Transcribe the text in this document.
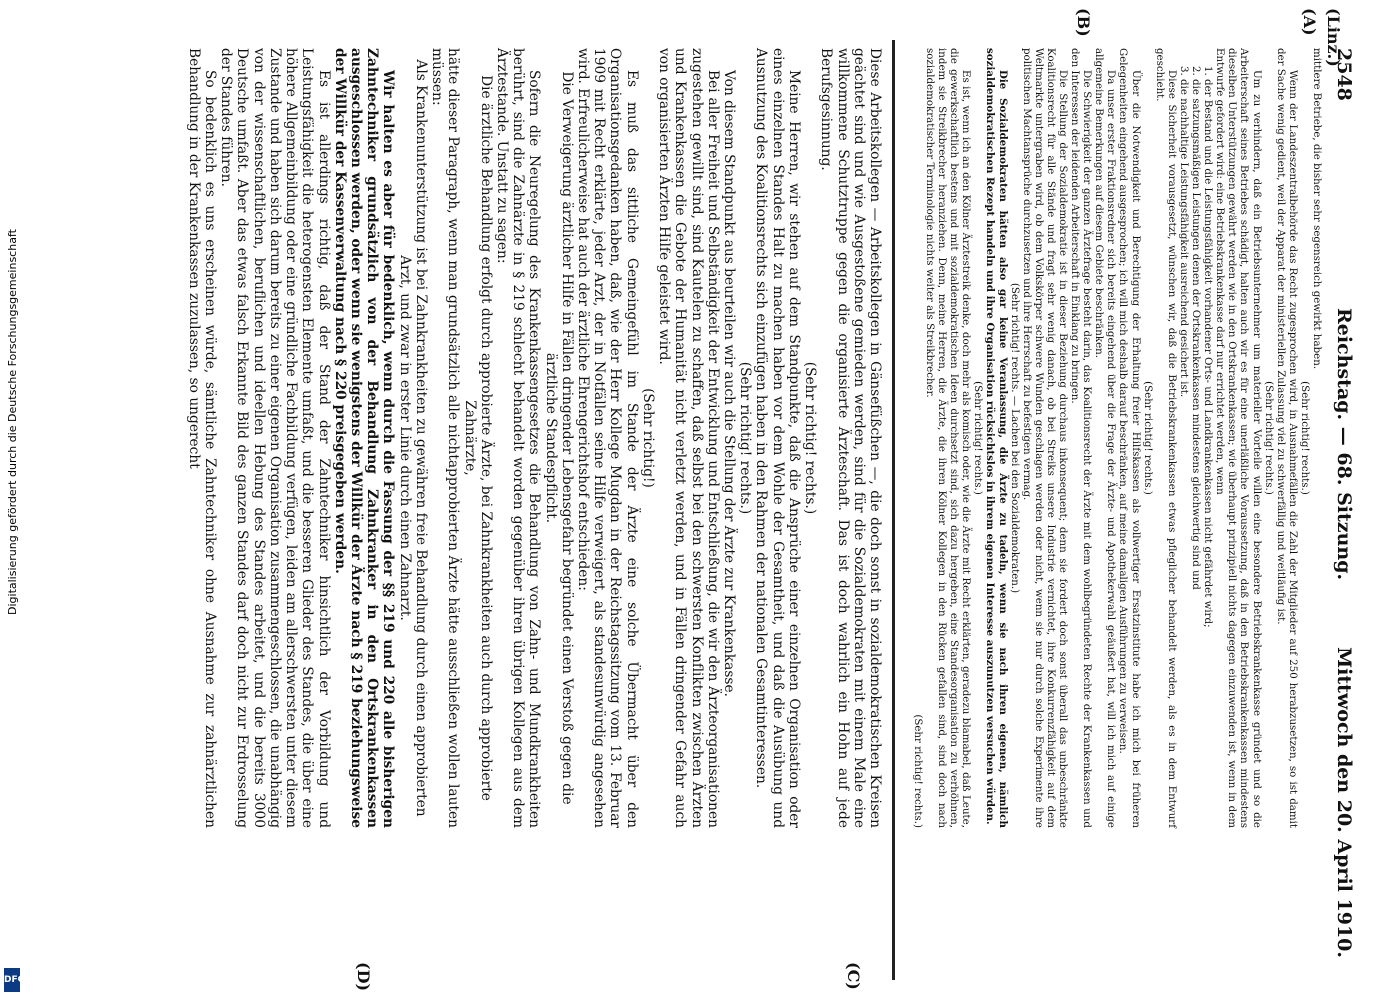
2548
Reichstag. — 68. Sitzung.
Mittwoch den 20. April 1910.
(Linz.)
(A)
(B)
(C)
(D)

mittlere Betriebe, die bisher sehr segensreich gewirkt haben.

(Sehr richtig! rechts.)

Wenn der Landeszentralbehörde das Recht zugesprochen wird, in Ausnahmefällen die Zahl der Mitglieder auf 250 herabzusetzen, so ist damit der Sache wenig gedient, weil der Apparat der ministeriellen Zulassung viel zu schwerfällig und weitläufig ist.

(Sehr richtig! rechts.)

Um zu verhindern, daß ein Betriebsunternehmer um materieller Vorteile willen eine besondere Betriebskrankenkasse gründet und so die Arbeiterschaft seines Betriebes schädigt, halten auch wir es für eine unerläßliche Voraussetzung, daß in den Betriebskrankenkassen mindestens dieselben Unterstützungen gewährt werden wie in den Ortskrankenkassen; wie überhaupt prinzipiell nichts dagegen einzuwenden ist, wenn in dem Entwurfe gefordert wird: eine Betriebskrankenkasse darf nur errichtet werden, wenn

1. der Bestand und die Leistungsfähigkeit vorhandener Orts- und Landkrankenkassen nicht gefährdet wird;

2. die satzungsmäßigen Leistungen denen der Ortskrankenkassen mindestens gleichwertig sind und

3. die nachhaltige Leistungsfähigkeit ausreichend gesichert ist.

Diese Sicherheit vorausgesetzt, wünschen wir, daß die Betriebskrankenkassen etwas pfleglicher behandelt werden, als es in dem Entwurf geschieht.

(Sehr richtig! rechts.)

Über die Notwendigkeit und Berechtigung der Erhaltung freier Hilfskassen als vollwertiger Ersatzinstitute habe ich mich bei früheren Gelegenheiten eingehend ausgesprochen; ich will mich deshalb darauf beschränken, auf meine damaligen Ausführungen zu verweisen.

Da unser erster Fraktionsredner sich bereits eingehend über die Frage der Ärzte- und Apothekerwahl geäußert hat, will ich mich auf einige allgemeine Bemerkungen auf diesem Gebiete beschränken.

Die Schwierigkeit der ganzen Ärztefrage besteht darin, das Koalitionsrecht der Ärzte mit dem wohlbegründeten Rechte der Krankenkassen und den Interessen der leidenden Arbeiterschaft in Einklang zu bringen.

Die Stellung der Sozialdemokratie ist in dieser Beziehung durchaus inkonsequent; denn sie fordert doch sonst überall das unbeschränkte Koalitionsrecht für alle Stände und fragt sehr wenig danach, ob bei Streiks unsere Industrie vernichtet, ihre Konkurrenzfähigkeit auf dem Weltmarkte untergraben wird, ob dem Volkskörper schwere Wunden geschlagen werden oder nicht, wenn sie nur durch solche Experimente ihre politischen Machtansprüche durchzusetzen und ihre Herrschaft zu befestigen vermag.

(Sehr richtig! rechts. — Lachen bei den Sozialdemokraten.)

Die Sozialdemokraten hätten also gar keine Veranlassung, die Ärzte zu tadeln, wenn sie nach ihren eigenen, nämlich sozialdemokratischen Rezept handeln und ihre Organisation rücksichtslos in ihrem eigenen Interesse auszunutzen versuchen würden.

(Sehr richtig! rechts.)

Es ist, wenn ich an den Kölner Ärztestreik denke, doch mehr als komisch oder, wie die Ärzte mit Recht erklärten, geradezu blamabel, daß Leute, die gewerkschaftlich bestens und mit sozialdemokratischen Ideen durchsetzt sind, sich dazu hergeben, eine Standesorganisation zu verhöhnen, indem sie Streikbrecher heranziehen. Denn, meine Herren, die Ärzte, die ihren Kölner Kollegen in den Rücken gefallen sind, sind doch nach sozialdemokratischer Terminologie nichts weiter als Streikbrecher.

(Sehr richtig! rechts.)

Diese Arbeitskollegen — Arbeitskollegen in Gänsefüßchen —, die doch sonst in sozialdemokratischen Kreisen geächtet sind und wie Ausgestoßene gemieden werden, sind für die Sozialdemokraten mit einem Male eine willkommene Schutztruppe gegen die organisierte Ärzteschaft. Das ist doch wahrlich ein Hohn auf jede Berufsgesinnung.

(Sehr richtig! rechts.)

Meine Herren, wir stehen auf dem Standpunkte, daß die Ansprüche einer einzelnen Organisation oder eines einzelnen Standes Halt zu machen haben vor dem Wohle der Gesamtheit, und daß die Ausübung und Ausnutzung des Koalitionsrechts sich einzufügen haben in den Rahmen der nationalen Gesamtinteressen.

(Sehr richtig! rechts.)

Von diesem Standpunkt aus beurteilen wir auch die Stellung der Ärzte zur Krankenkasse.

Bei aller Freiheit und Selbständigkeit der Entwicklung und Entschließung, die wir den Ärzteorganisationen zugestehen gewillt sind, sind Kautelen zu schaffen, daß selbst bei den schwersten Konflikten zwischen Ärzten und Krankenkassen die Gebote der Humanität nicht verletzt werden, und in Fällen dringender Gefahr auch von organisierten Ärzten Hilfe geleistet wird.

(Sehr richtig!)

Es muß das sittliche Gemeingefühl im Stande der Ärzte eine solche Übermacht über den Organisationsgedanken haben, daß, wie der Herr Kollege Mugdan in der Reichstagssitzung vom 13. Februar 1909 mit Recht erklärte, jeder Arzt, der in Notfällen seine Hilfe verweigert, als standesunwürdig angesehen wird. Erfreulicherweise hat auch der ärztliche Ehrengerichtshof entschieden:

Die Verweigerung ärztlicher Hilfe in Fällen dringender Lebensgefahr begründet einen Verstoß gegen die ärztliche Standespflicht.

Sofern die Neuregelung des Krankenkassengesetzes die Behandlung von Zahn- und Mundkrankheiten berührt, sind die Zahnärzte in § 219 schlecht behandelt worden gegenüber ihren übrigen Kollegen aus dem Ärztestande. Unstatt zu sagen:

Die ärztliche Behandlung erfolgt durch approbierte Ärzte, bei Zahnkrankheiten auch durch approbierte Zahnärzte,

hätte dieser Paragraph, wenn man grundsätzlich alle nichtapprobierten Ärzte hätte ausschließen wollen lauten müssen:

Als Krankenunterstützung ist bei Zahnkrankheiten zu gewähren freie Behandlung durch einen approbierten Arzt, und zwar in erster Linie durch einen Zahnarzt.

Wir halten es aber für bedenklich, wenn durch die Fassung der §§ 219 und 220 alle bisherigen Zahntechniker grundsätzlich von der Behandlung Zahnkranker in den Ortskrankenkassen ausgeschlossen werden, oder wenn sie wenigstens der Willkür der Ärzte nach § 219 beziehungsweise der Willkür der Kassenverwaltung nach § 220 preisgegeben werden.

Es ist allerdings richtig, daß der Stand der Zahntechniker hinsichtlich der Vorbildung und Leistungsfähigkeit die heterogensten Elemente umfaßt, und die besseren Glieder des Standes, die über eine höhere Allgemeinbildung oder eine gründliche Fachbildung verfügen, leiden am allerschwersten unter diesem Zustande und haben sich darum bereits zu einer eigenen Organisation zusammengeschlossen, die unabhängig von der wissenschaftlichen, beruflichen und ideellen Hebung des Standes arbeitet, und die bereits 3000 Deutsche umfaßt. Aber das etwas falsch Erkannte Bild des ganzen Standes darf doch nicht zur Erdrosselung der Standes führen.

So bedenklich es uns erscheinen würde, sämtliche Zahntechniker ohne Ausnahme zur zahnärztlichen Behandlung in der Krankenkassen zuzulassen, so ungerecht

Digitalisierung gefördert durch die Deutsche Forschungsgemeinschaft
DFG
